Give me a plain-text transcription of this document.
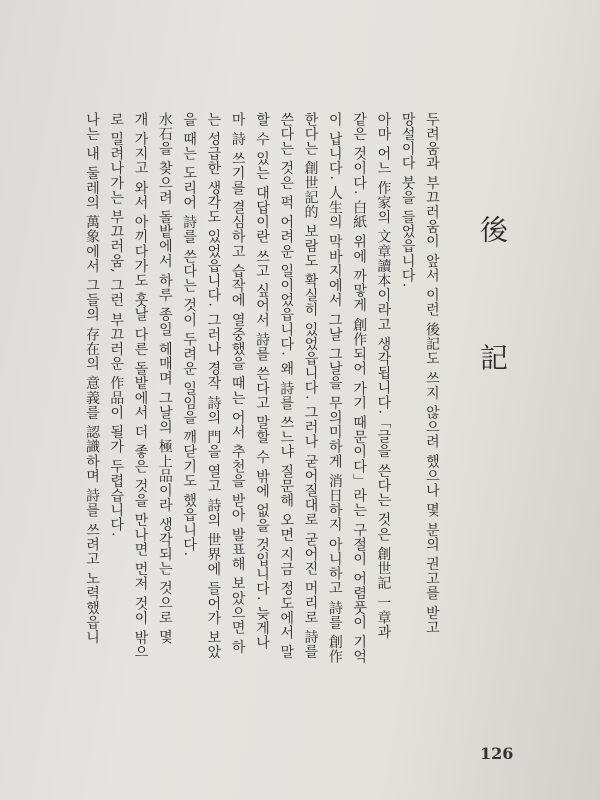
後　記
두려움과 부끄러움이 앞서 이런 後記도 쓰지 않으려 했으나 몇 분의 권고를 받고
망설이다 붓을 들었읍니다.
아마 어느 作家의 文章讀本이라고 생각됩니다.「글을 쓴다는 것은 創世記 一章과
같은 것이다. 白紙 위에 까맣게 創作되어 가기 때문이다」라는 구절이 어렴풋이 기억
이 납니다. 人生의 막바지에서 그날 그날을 무의미하게 消日하지 아니하고 詩를 創作
한다는 創世記的 보람도 확실히 있었읍니다. 그러나 굳어질대로 굳어진 머리로 詩를
쓴다는 것은 퍽 어려운 일이었읍니다. 왜 詩를 쓰느냐 질문해 오면 지금 정도에서 말
할 수 있는 대답이란 쓰고 싶어서 詩를 쓴다고 말할 수 밖에 없을 것입니다. 늦게나
마 詩 쓰기를 결심하고 습작에 열중했을 때는 어서 추천을 받아 발표해 보았으면 하
는 성급한 생각도 있었읍니다. 그러나 경작 詩의 門을 열고 詩의 世界에 들어가 보았
을 때는 도리어 詩를 쓴다는 것이 두려운 일임을 깨닫기도 했읍니다.
水石을 찾으려 돌밭에서 하루 종일 헤매며 그날의 極上品이라 생각되는 것으로 몇
개 가지고 와서 아끼다가도 훗날 다른 돌밭에서 더 좋은 것을 만나면 먼저 것이 밖으
로 밀려나가는 부끄러움, 그런 부끄러운 作品이 될가 두렵습니다.
나는 내 둘레의 萬象에서 그들의 存在의 意義를 認識하며 詩를 쓰려고 노력했읍니
126
